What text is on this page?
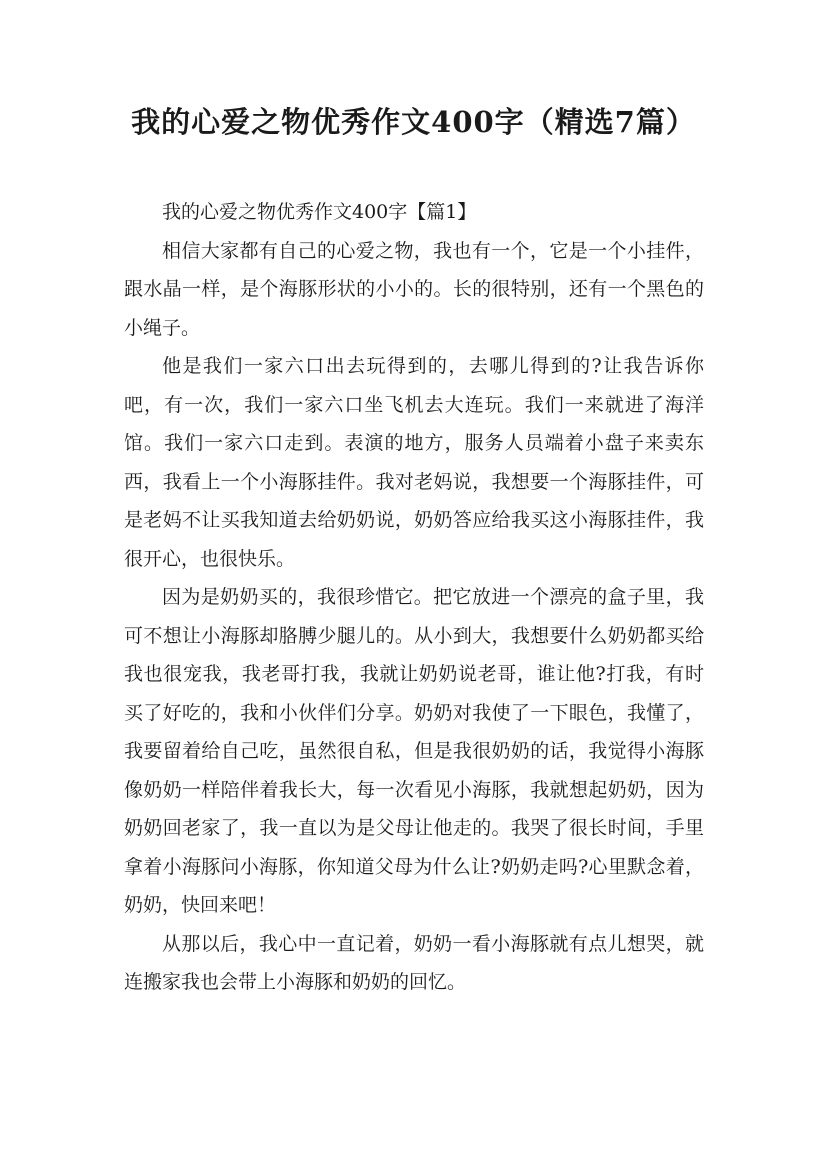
我的心爱之物优秀作文400字（精选7篇）

我的心爱之物优秀作文400字【篇1】

相信大家都有自己的心爱之物，我也有一个，它是一个小挂件，跟水晶一样，是个海豚形状的小小的。长的很特别，还有一个黑色的小绳子。

他是我们一家六口出去玩得到的，去哪儿得到的?让我告诉你吧，有一次，我们一家六口坐飞机去大连玩。我们一来就进了海洋馆。我们一家六口走到。表演的地方，服务人员端着小盘子来卖东西，我看上一个小海豚挂件。我对老妈说，我想要一个海豚挂件，可是老妈不让买我知道去给奶奶说，奶奶答应给我买这小海豚挂件，我很开心，也很快乐。

因为是奶奶买的，我很珍惜它。把它放进一个漂亮的盒子里，我可不想让小海豚却胳膊少腿儿的。从小到大，我想要什么奶奶都买给我也很宠我，我老哥打我，我就让奶奶说老哥，谁让他?打我，有时买了好吃的，我和小伙伴们分享。奶奶对我使了一下眼色，我懂了，我要留着给自己吃，虽然很自私，但是我很奶奶的话，我觉得小海豚像奶奶一样陪伴着我长大，每一次看见小海豚，我就想起奶奶，因为奶奶回老家了，我一直以为是父母让他走的。我哭了很长时间，手里拿着小海豚问小海豚，你知道父母为什么让?奶奶走吗?心里默念着，奶奶，快回来吧！

从那以后，我心中一直记着，奶奶一看小海豚就有点儿想哭，就连搬家我也会带上小海豚和奶奶的回忆。
